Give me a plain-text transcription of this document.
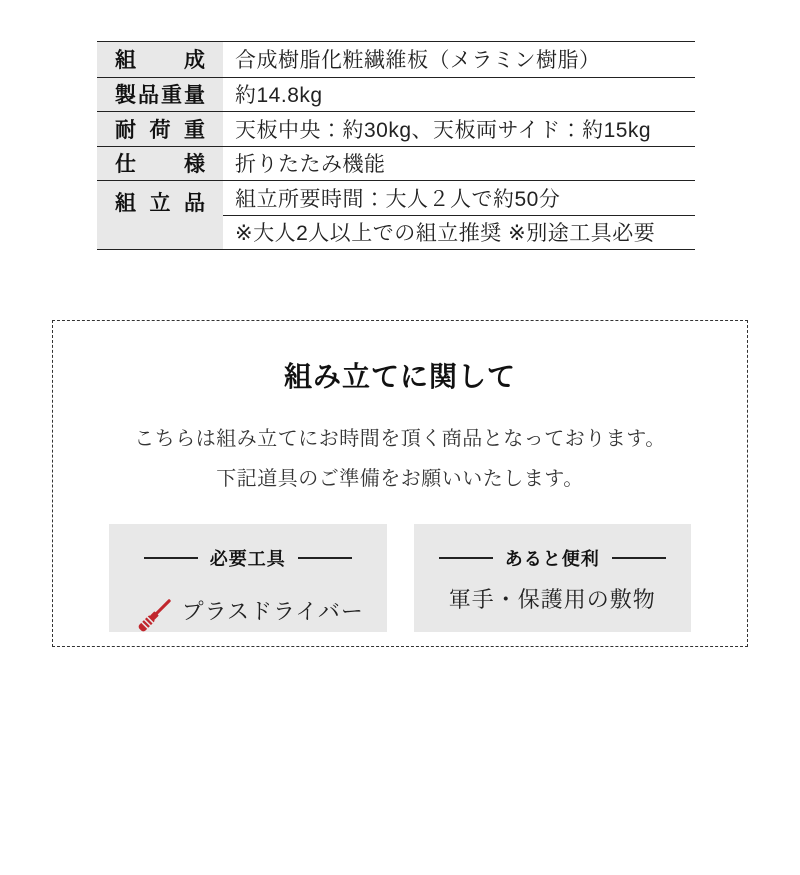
組 成	合成樹脂化粧繊維板（メラミン樹脂）
製 品 重 量	約14.8kg
耐 荷 重	天板中央：約30kg、天板両サイド：約15kg
仕 様	折りたたみ機能
組 立 品	組立所要時間：大人２人で約50分
※大人2人以上での組立推奨 ※別途工具必要
組み立てに関して
こちらは組み立てにお時間を頂く商品となっております。
下記道具のご準備をお願いいたします。
必要工具
プラスドライバー
あると便利
軍手・保護用の敷物
